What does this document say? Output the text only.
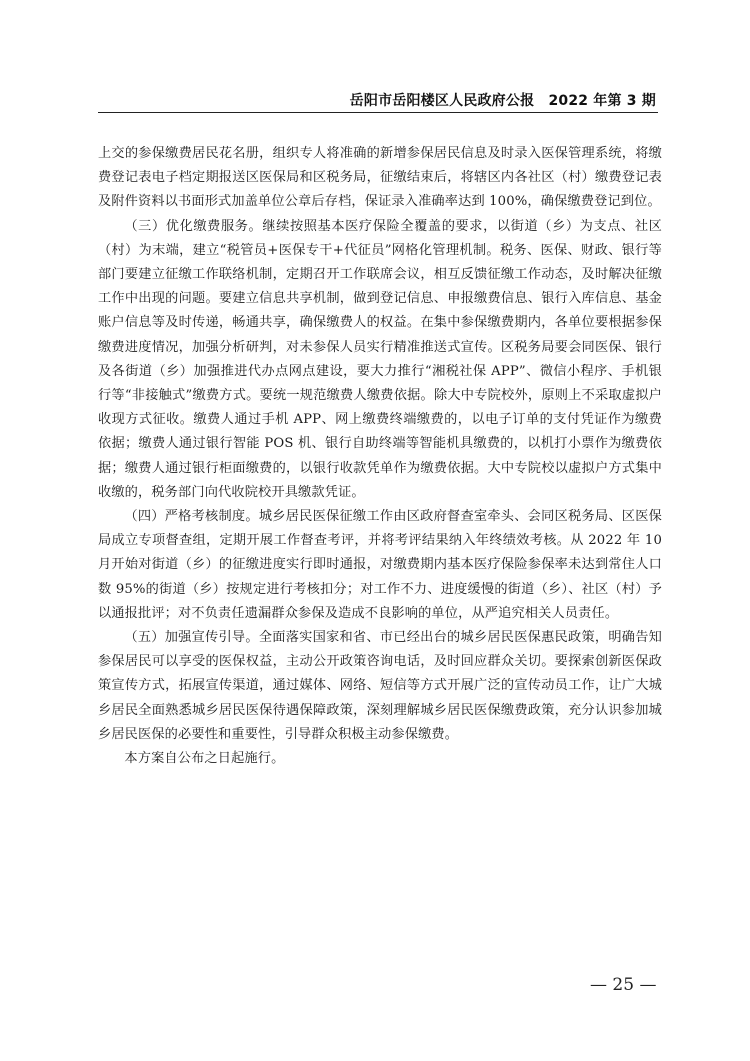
岳阳市岳阳楼区人民政府公报　2022 年第 3 期

上交的参保缴费居民花名册，组织专人将准确的新增参保居民信息及时录入医保管理系统，将缴费登记表电子档定期报送区医保局和区税务局，征缴结束后，将辖区内各社区（村）缴费登记表及附件资料以书面形式加盖单位公章后存档，保证录入准确率达到 100%，确保缴费登记到位。

（三）优化缴费服务。继续按照基本医疗保险全覆盖的要求，以街道（乡）为支点、社区（村）为末端，建立“税管员+医保专干+代征员”网格化管理机制。税务、医保、财政、银行等部门要建立征缴工作联络机制，定期召开工作联席会议，相互反馈征缴工作动态，及时解决征缴工作中出现的问题。要建立信息共享机制，做到登记信息、申报缴费信息、银行入库信息、基金账户信息等及时传递，畅通共享，确保缴费人的权益。在集中参保缴费期内，各单位要根据参保缴费进度情况，加强分析研判，对未参保人员实行精准推送式宣传。区税务局要会同医保、银行及各街道（乡）加强推进代办点网点建设，要大力推行“湘税社保 APP”、微信小程序、手机银行等“非接触式”缴费方式。要统一规范缴费人缴费依据。除大中专院校外，原则上不采取虚拟户收现方式征收。缴费人通过手机 APP、网上缴费终端缴费的，以电子订单的支付凭证作为缴费依据；缴费人通过银行智能 POS 机、银行自助终端等智能机具缴费的，以机打小票作为缴费依据；缴费人通过银行柜面缴费的，以银行收款凭单作为缴费依据。大中专院校以虚拟户方式集中收缴的，税务部门向代收院校开具缴款凭证。

（四）严格考核制度。城乡居民医保征缴工作由区政府督查室牵头、会同区税务局、区医保局成立专项督查组，定期开展工作督查考评，并将考评结果纳入年终绩效考核。从 2022 年 10 月开始对街道（乡）的征缴进度实行即时通报，对缴费期内基本医疗保险参保率未达到常住人口数 95%的街道（乡）按规定进行考核扣分；对工作不力、进度缓慢的街道（乡）、社区（村）予以通报批评；对不负责任遗漏群众参保及造成不良影响的单位，从严追究相关人员责任。

（五）加强宣传引导。全面落实国家和省、市已经出台的城乡居民医保惠民政策，明确告知参保居民可以享受的医保权益，主动公开政策咨询电话，及时回应群众关切。要探索创新医保政策宣传方式，拓展宣传渠道，通过媒体、网络、短信等方式开展广泛的宣传动员工作，让广大城乡居民全面熟悉城乡居民医保待遇保障政策，深刻理解城乡居民医保缴费政策，充分认识参加城乡居民医保的必要性和重要性，引导群众积极主动参保缴费。

本方案自公布之日起施行。

— 25 —
